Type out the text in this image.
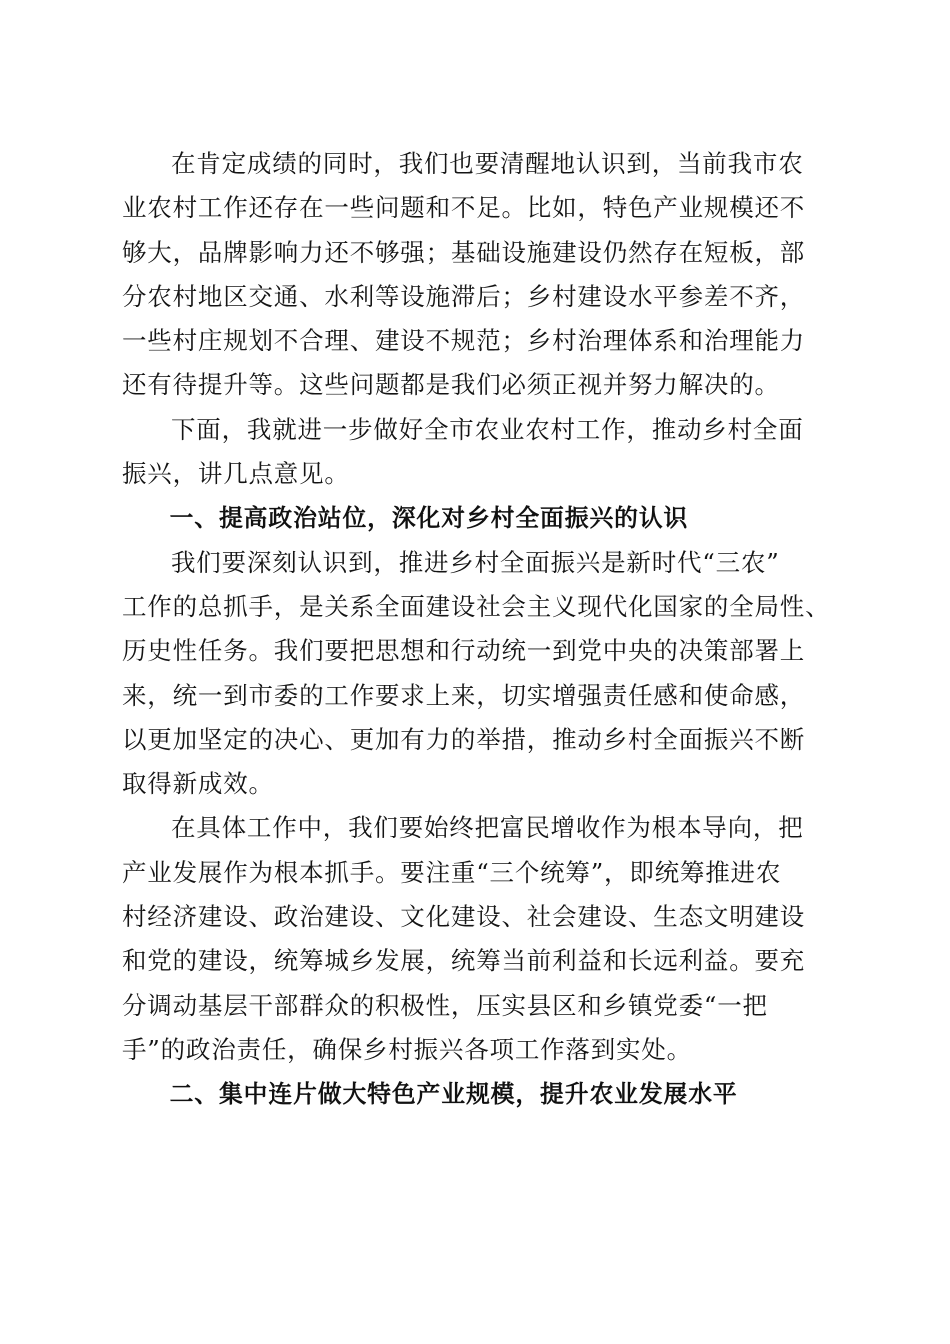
在肯定成绩的同时，我们也要清醒地认识到，当前我市农
业农村工作还存在一些问题和不足。比如，特色产业规模还不
够大，品牌影响力还不够强；基础设施建设仍然存在短板，部
分农村地区交通、水利等设施滞后；乡村建设水平参差不齐，
一些村庄规划不合理、建设不规范；乡村治理体系和治理能力
还有待提升等。这些问题都是我们必须正视并努力解决的。

下面，我就进一步做好全市农业农村工作，推动乡村全面
振兴，讲几点意见。

一、提高政治站位，深化对乡村全面振兴的认识

我们要深刻认识到，推进乡村全面振兴是新时代“三农”
工作的总抓手，是关系全面建设社会主义现代化国家的全局性、
历史性任务。我们要把思想和行动统一到党中央的决策部署上
来，统一到市委的工作要求上来，切实增强责任感和使命感，
以更加坚定的决心、更加有力的举措，推动乡村全面振兴不断
取得新成效。

在具体工作中，我们要始终把富民增收作为根本导向，把
产业发展作为根本抓手。要注重“三个统筹”，即统筹推进农
村经济建设、政治建设、文化建设、社会建设、生态文明建设
和党的建设，统筹城乡发展，统筹当前利益和长远利益。要充
分调动基层干部群众的积极性，压实县区和乡镇党委“一把
手”的政治责任，确保乡村振兴各项工作落到实处。

二、集中连片做大特色产业规模，提升农业发展水平
